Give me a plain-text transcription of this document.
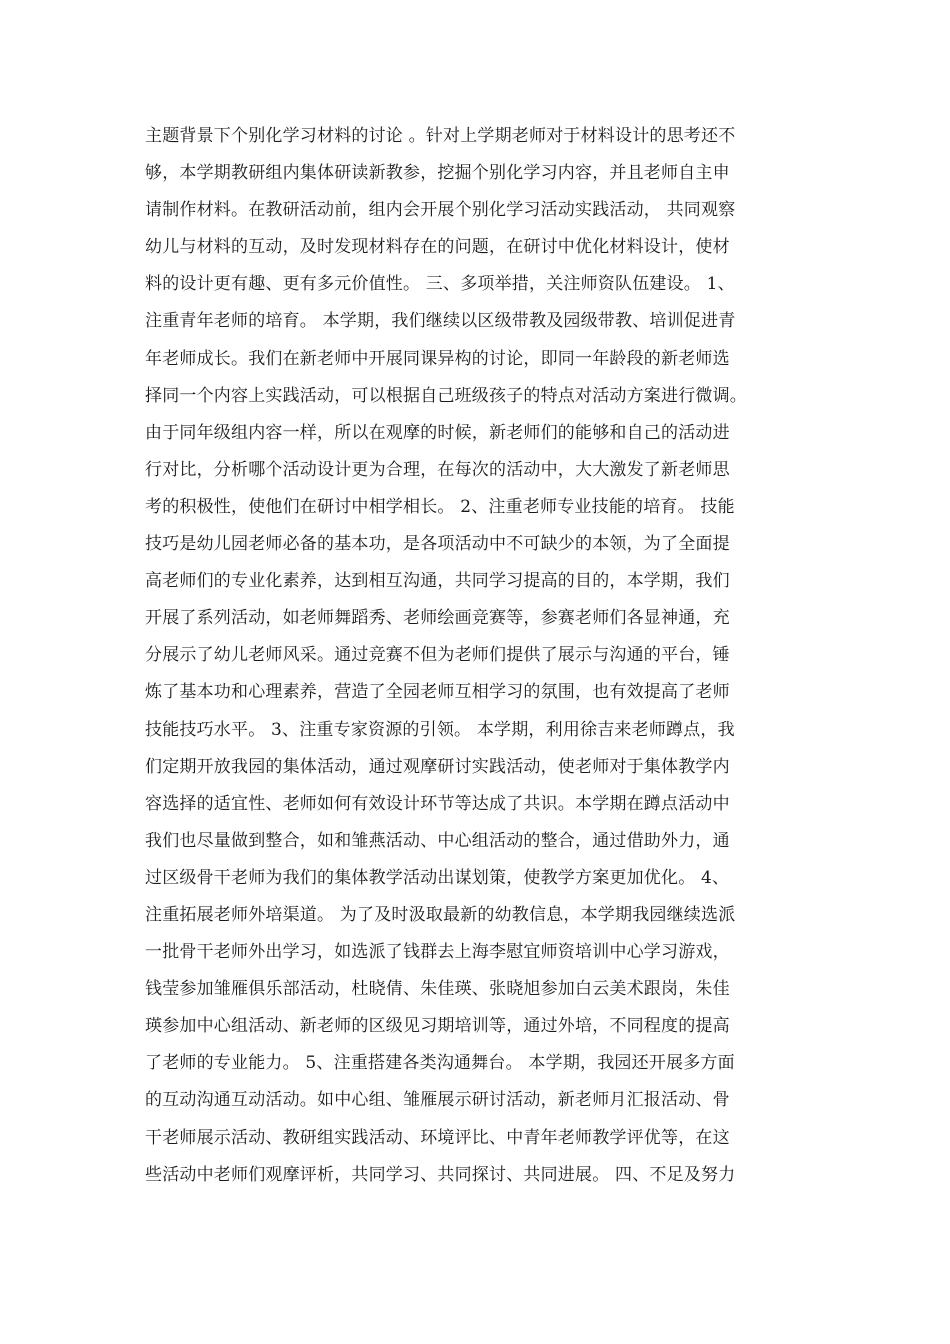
主题背景下个别化学习材料的讨论 。针对上学期老师对于材料设计的思考还不
够，本学期教研组内集体研读新教参，挖掘个别化学习内容，并且老师自主申
请制作材料。在教研活动前，组内会开展个别化学习活动实践活动， 共同观察
幼儿与材料的互动，及时发现材料存在的问题，在研讨中优化材料设计，使材
料的设计更有趣、更有多元价值性。 三、多项举措，关注师资队伍建设。 1、
注重青年老师的培育。 本学期，我们继续以区级带教及园级带教、培训促进青
年老师成长。我们在新老师中开展同课异构的讨论，即同一年龄段的新老师选
择同一个内容上实践活动，可以根据自己班级孩子的特点对活动方案进行微调。
由于同年级组内容一样，所以在观摩的时候，新老师们的能够和自己的活动进
行对比，分析哪个活动设计更为合理，在每次的活动中，大大激发了新老师思
考的积极性，使他们在研讨中相学相长。 2、注重老师专业技能的培育。 技能
技巧是幼儿园老师必备的基本功，是各项活动中不可缺少的本领，为了全面提
高老师们的专业化素养，达到相互沟通，共同学习提高的目的，本学期，我们
开展了系列活动，如老师舞蹈秀、老师绘画竞赛等，参赛老师们各显神通，充
分展示了幼儿老师风采。通过竞赛不但为老师们提供了展示与沟通的平台，锤
炼了基本功和心理素养，营造了全园老师互相学习的氛围，也有效提高了老师
技能技巧水平。 3、注重专家资源的引领。 本学期，利用徐吉来老师蹲点，我
们定期开放我园的集体活动，通过观摩研讨实践活动，使老师对于集体教学内
容选择的适宜性、老师如何有效设计环节等达成了共识。本学期在蹲点活动中
我们也尽量做到整合，如和雏燕活动、中心组活动的整合，通过借助外力，通
过区级骨干老师为我们的集体教学活动出谋划策，使教学方案更加优化。 4、
注重拓展老师外培渠道。 为了及时汲取最新的幼教信息，本学期我园继续选派
一批骨干老师外出学习，如选派了钱群去上海李慰宜师资培训中心学习游戏，
钱莹参加雏雁俱乐部活动，杜晓倩、朱佳瑛、张晓旭参加白云美术跟岗，朱佳
瑛参加中心组活动、新老师的区级见习期培训等，通过外培，不同程度的提高
了老师的专业能力。 5、注重搭建各类沟通舞台。 本学期，我园还开展多方面
的互动沟通互动活动。如中心组、雏雁展示研讨活动，新老师月汇报活动、骨
干老师展示活动、教研组实践活动、环境评比、中青年老师教学评优等，在这
些活动中老师们观摩评析，共同学习、共同探讨、共同进展。 四、不足及努力
